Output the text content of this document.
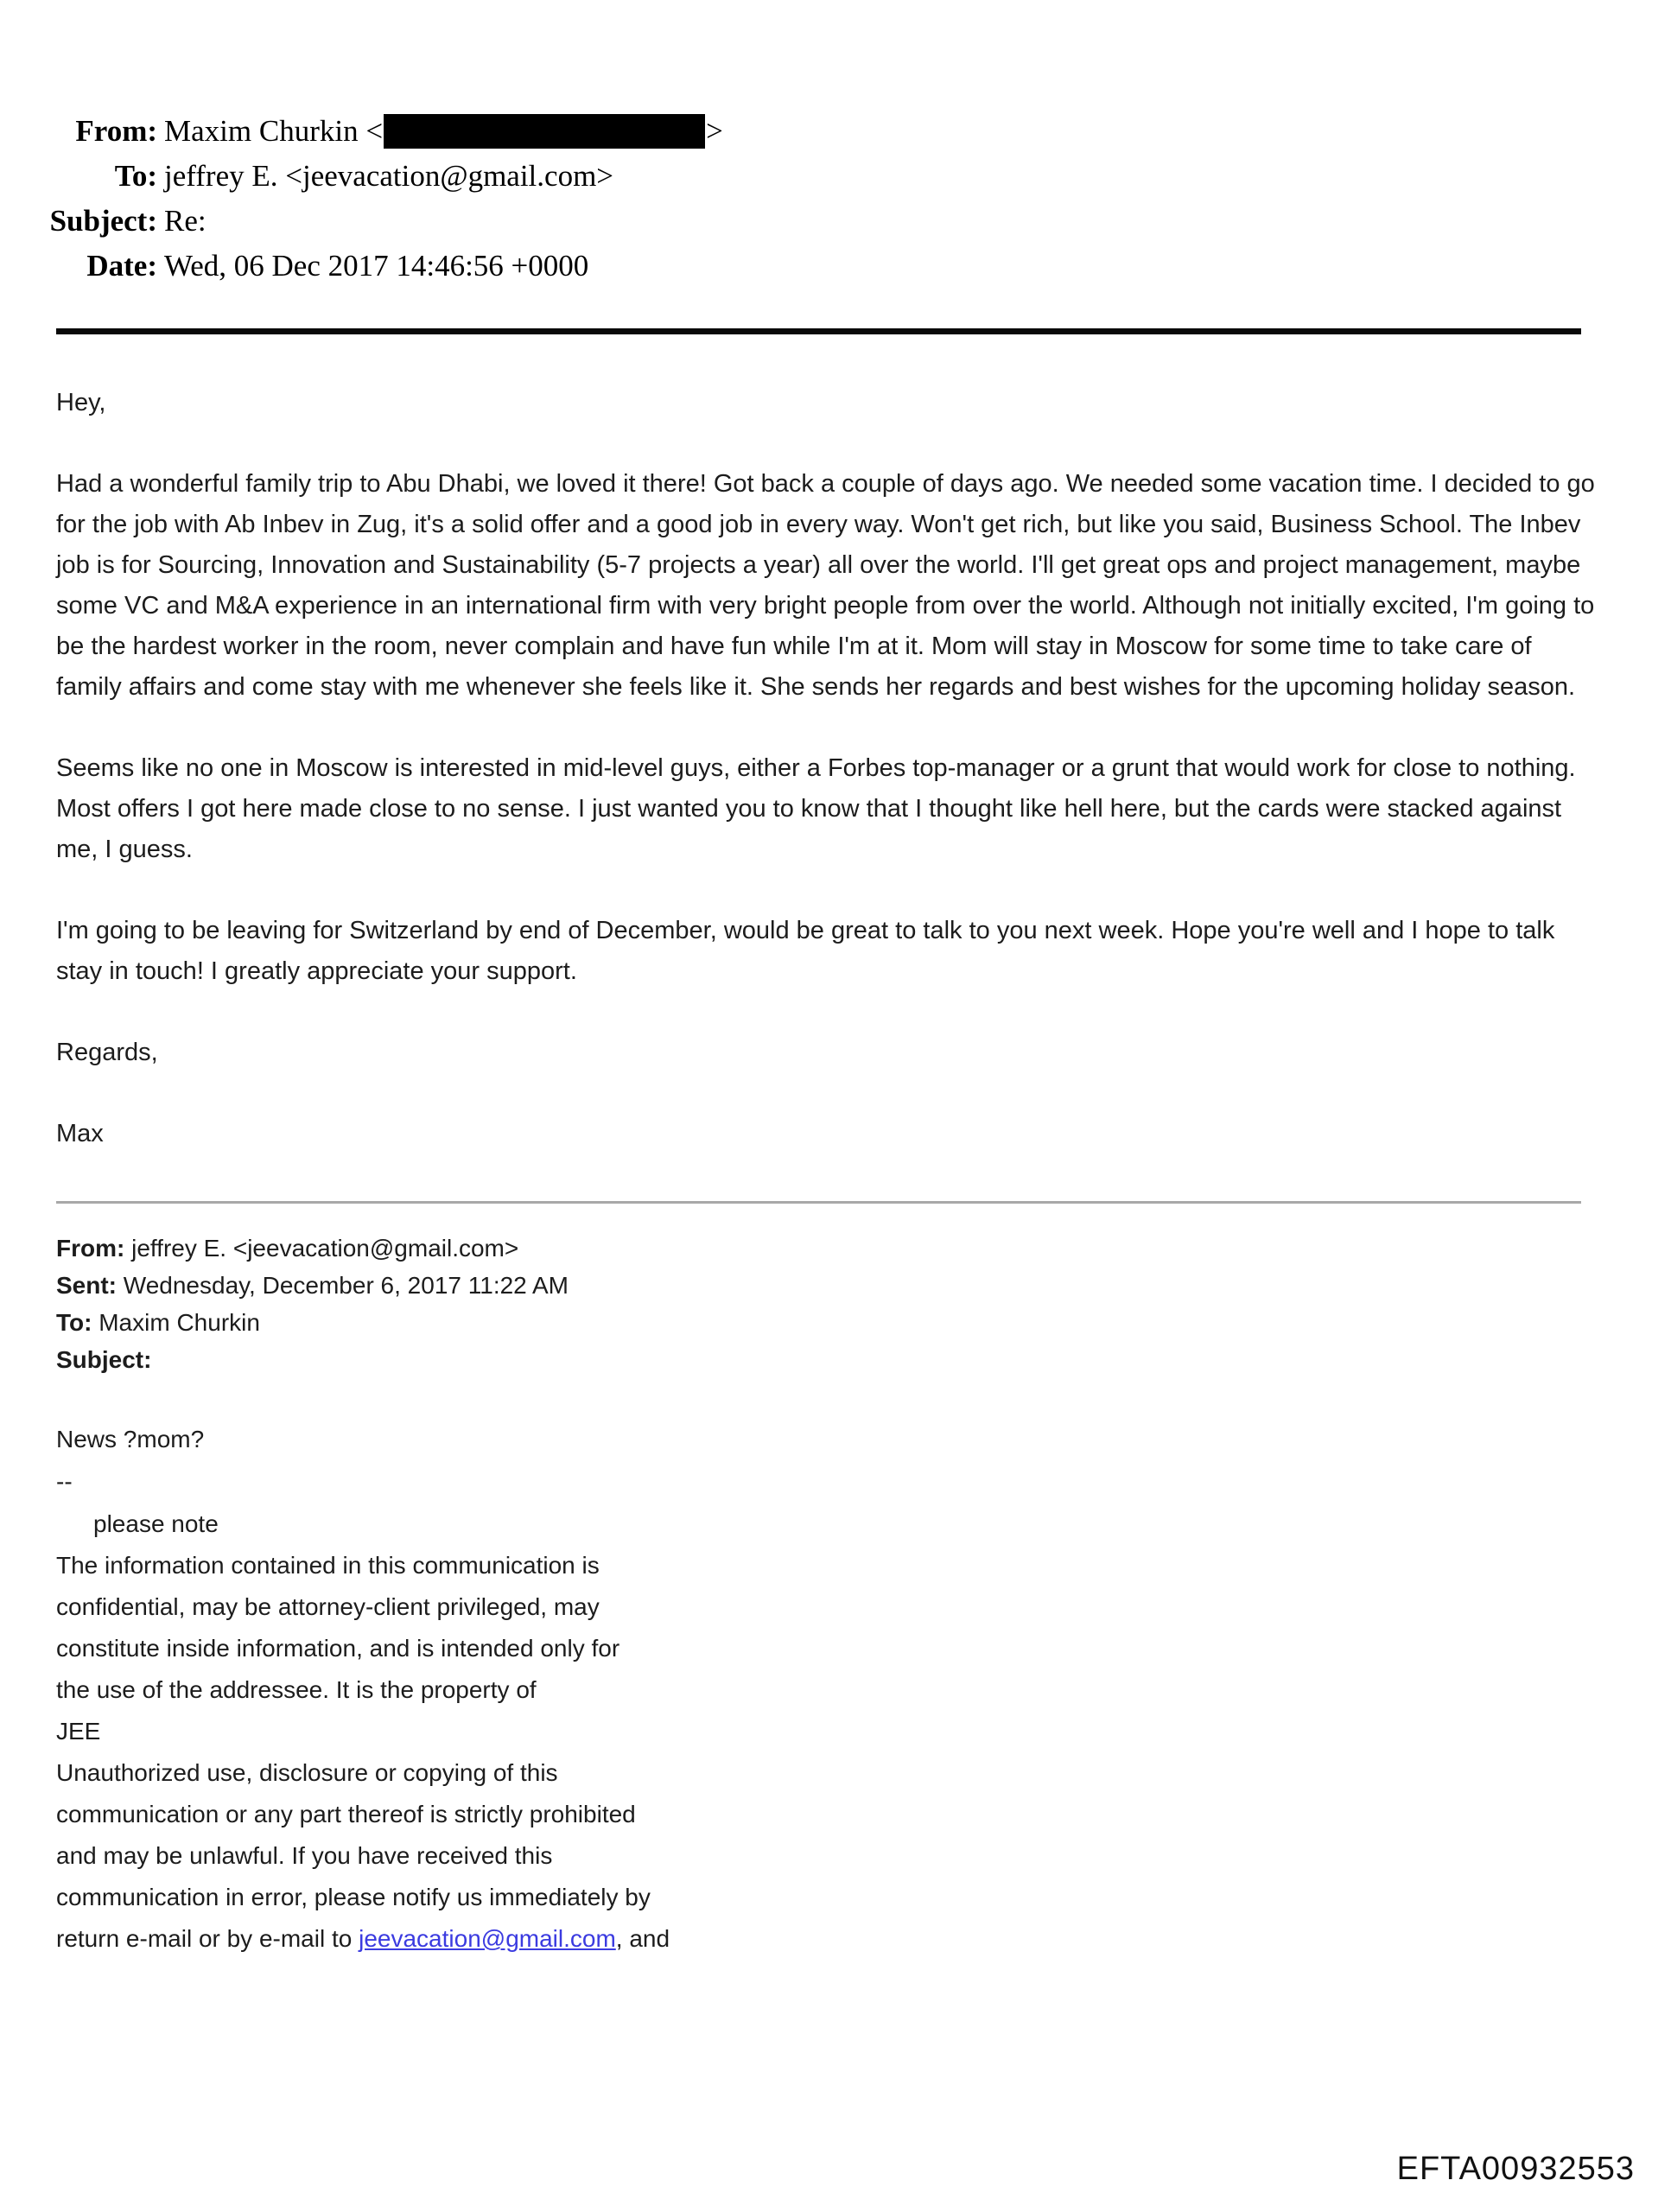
From: Maxim Churkin <	>
To: jeffrey E. <jeevacation@gmail.com>
Subject: Re:
Date: Wed, 06 Dec 2017 14:46:56 +0000

Hey,

Had a wonderful family trip to Abu Dhabi, we loved it there! Got back a couple of days ago. We needed some vacation time. I decided to go for the job with Ab Inbev in Zug, it's a solid offer and a good job in every way. Won't get rich, but like you said, Business School. The Inbev job is for Sourcing, Innovation and Sustainability (5-7 projects a year) all over the world. I'll get great ops and project management, maybe some VC and M&A experience in an international firm with very bright people from over the world. Although not initially excited, I'm going to be the hardest worker in the room, never complain and have fun while I'm at it. Mom will stay in Moscow for some time to take care of family affairs and come stay with me whenever she feels like it. She sends her regards and best wishes for the upcoming holiday season.

Seems like no one in Moscow is interested in mid-level guys, either a Forbes top-manager or a grunt that would work for close to nothing. Most offers I got here made close to no sense. I just wanted you to know that I thought like hell here, but the cards were stacked against me, I guess.

I'm going to be leaving for Switzerland by end of December, would be great to talk to you next week. Hope you're well and I hope to talk stay in touch! I greatly appreciate your support.

Regards,

Max

From: jeffrey E. <jeevacation@gmail.com>
Sent: Wednesday, December 6, 2017 11:22 AM
To: Maxim Churkin
Subject:
News ?mom?
--
please note
The information contained in this communication is
confidential, may be attorney-client privileged, may
constitute inside information, and is intended only for
the use of the addressee. It is the property of
JEE
Unauthorized use, disclosure or copying of this
communication or any part thereof is strictly prohibited
and may be unlawful. If you have received this
communication in error, please notify us immediately by
return e-mail or by e-mail to jeevacation@gmail.com, and
EFTA00932553
